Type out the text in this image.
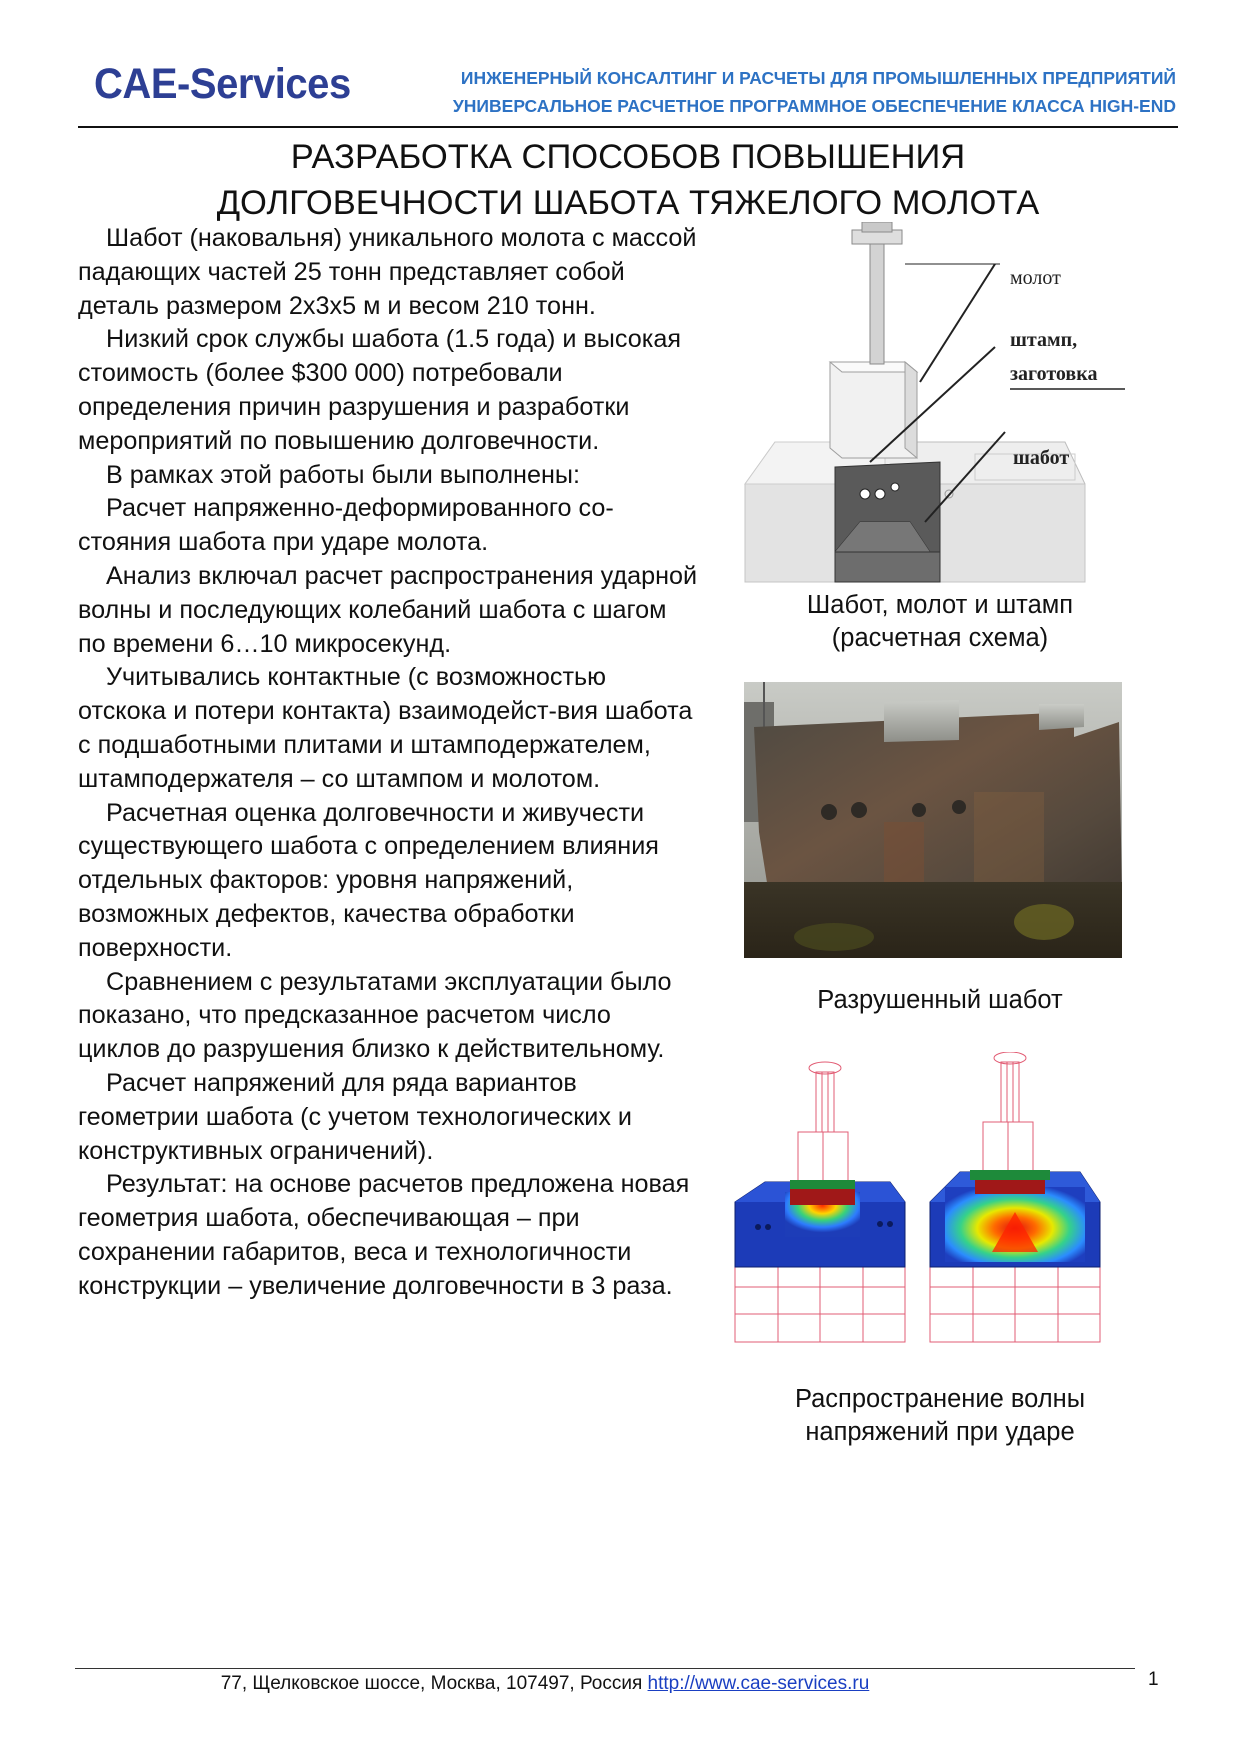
CAE-Services	ИНЖЕНЕРНЫЙ КОНСАЛТИНГ И РАСЧЕТЫ ДЛЯ ПРОМЫШЛЕННЫХ ПРЕДПРИЯТИЙ
УНИВЕРСАЛЬНОЕ РАСЧЕТНОЕ ПРОГРАММНОЕ ОБЕСПЕЧЕНИЕ КЛАССА HIGH-END
РАЗРАБОТКА СПОСОБОВ ПОВЫШЕНИЯ
ДОЛГОВЕЧНОСТИ ШАБОТА ТЯЖЕЛОГО МОЛОТА

Шабот (наковальня) уникального молота с массой падающих частей 25 тонн представляет собой деталь размером 2х3х5 м и весом 210 тонн.

Низкий срок службы шабота (1.5 года) и высокая стоимость (более $300 000) потребовали определения причин разрушения и разработки мероприятий по повышению долговечности.

В рамках этой работы были выполнены:

Расчет напряженно-деформированного со-стояния шабота при ударе молота.

Анализ включал расчет распространения ударной волны и последующих колебаний шабота с шагом по времени 6…10 микросекунд.

Учитывались контактные (с возможностью отскока и потери контакта) взаимодейст-вия шабота с подшаботными плитами и штамподержателем, штамподержателя – со штампом и молотом.

Расчетная оценка долговечности и живучести существующего шабота с определением влияния отдельных факторов: уровня напряжений, возможных дефектов, качества обработки поверхности.

Сравнением с результатами эксплуатации было показано, что предсказанное расчетом число циклов до разрушения близко к действительному.

Расчет напряжений для ряда вариантов геометрии шабота (с учетом технологических и конструктивных ограничений).

Результат: на основе расчетов предложена новая геометрия шабота, обеспечивающая – при сохранении габаритов, веса и технологичности конструкции – увеличение долговечности в 3 раза.

молот
штамп,
заготовка
шабот
Шабот, молот и штамп
(расчетная схема)
Разрушенный шабот
Распространение волны
напряжений при ударе
77, Щелковское шоссе, Москва, 107497, Россия http://www.cae-services.ru	1
